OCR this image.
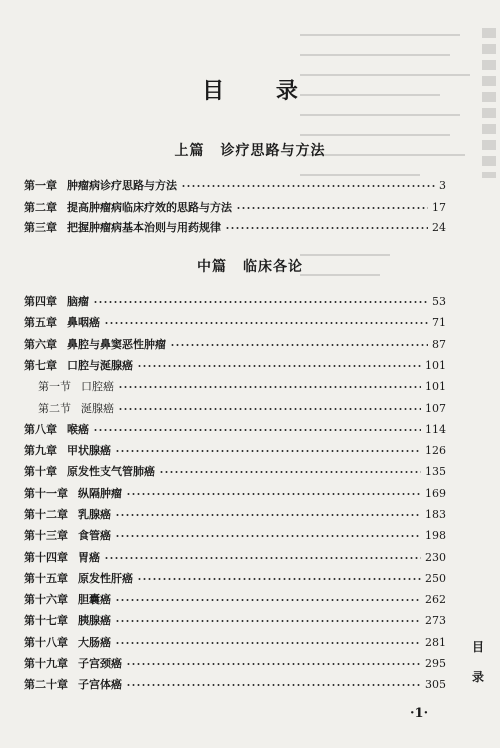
目 录
上篇 诊疗思路与方法
中篇 临床各论
第一章 肿瘤病诊疗思路与方法	3
第二章 提高肿瘤病临床疗效的思路与方法	17
第三章 把握肿瘤病基本治则与用药规律	24
第四章 脑瘤	53
第五章 鼻咽癌	71
第六章 鼻腔与鼻窦恶性肿瘤	87
第七章 口腔与涎腺癌	101
第一节 口腔癌	101
第二节 涎腺癌	107
第八章 喉癌	114
第九章 甲状腺癌	126
第十章 原发性支气管肺癌	135
第十一章 纵隔肿瘤	169
第十二章 乳腺癌	183
第十三章 食管癌	198
第十四章 胃癌	230
第十五章 原发性肝癌	250
第十六章 胆囊癌	262
第十七章 胰腺癌	273
第十八章 大肠癌	281
第十九章 子宫颈癌	295
第二十章 子宫体癌	305
目
录
·1·
